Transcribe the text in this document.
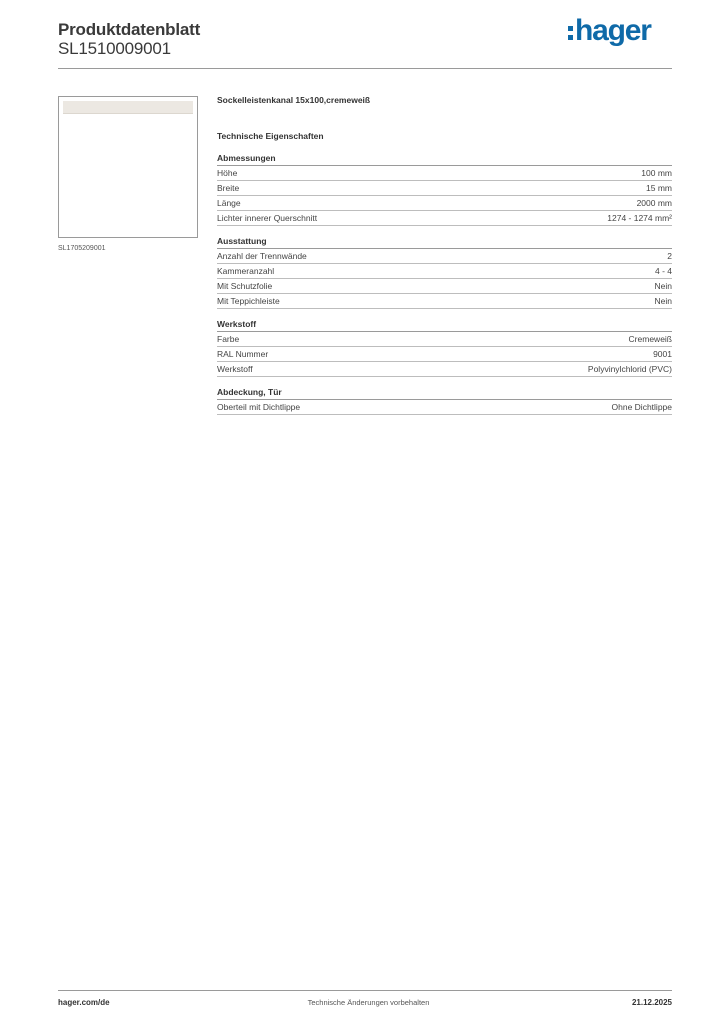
Produktdatenblatt
SL1510009001
hager
SL1705209001
Sockelleistenkanal 15x100,cremeweiß
Technische Eigenschaften
Abmessungen
Höhe	100 mm
Breite	15 mm
Länge	2000 mm
Lichter innerer Querschnitt	1274 - 1274 mm²
Ausstattung
Anzahl der Trennwände	2
Kammeranzahl	4 - 4
Mit Schutzfolie	Nein
Mit Teppichleiste	Nein
Werkstoff
Farbe	Cremeweiß
RAL Nummer	9001
Werkstoff	Polyvinylchlorid (PVC)
Abdeckung, Tür
Oberteil mit Dichtlippe	Ohne Dichtlippe
hager.com/de	Technische Änderungen vorbehalten	21.12.2025
